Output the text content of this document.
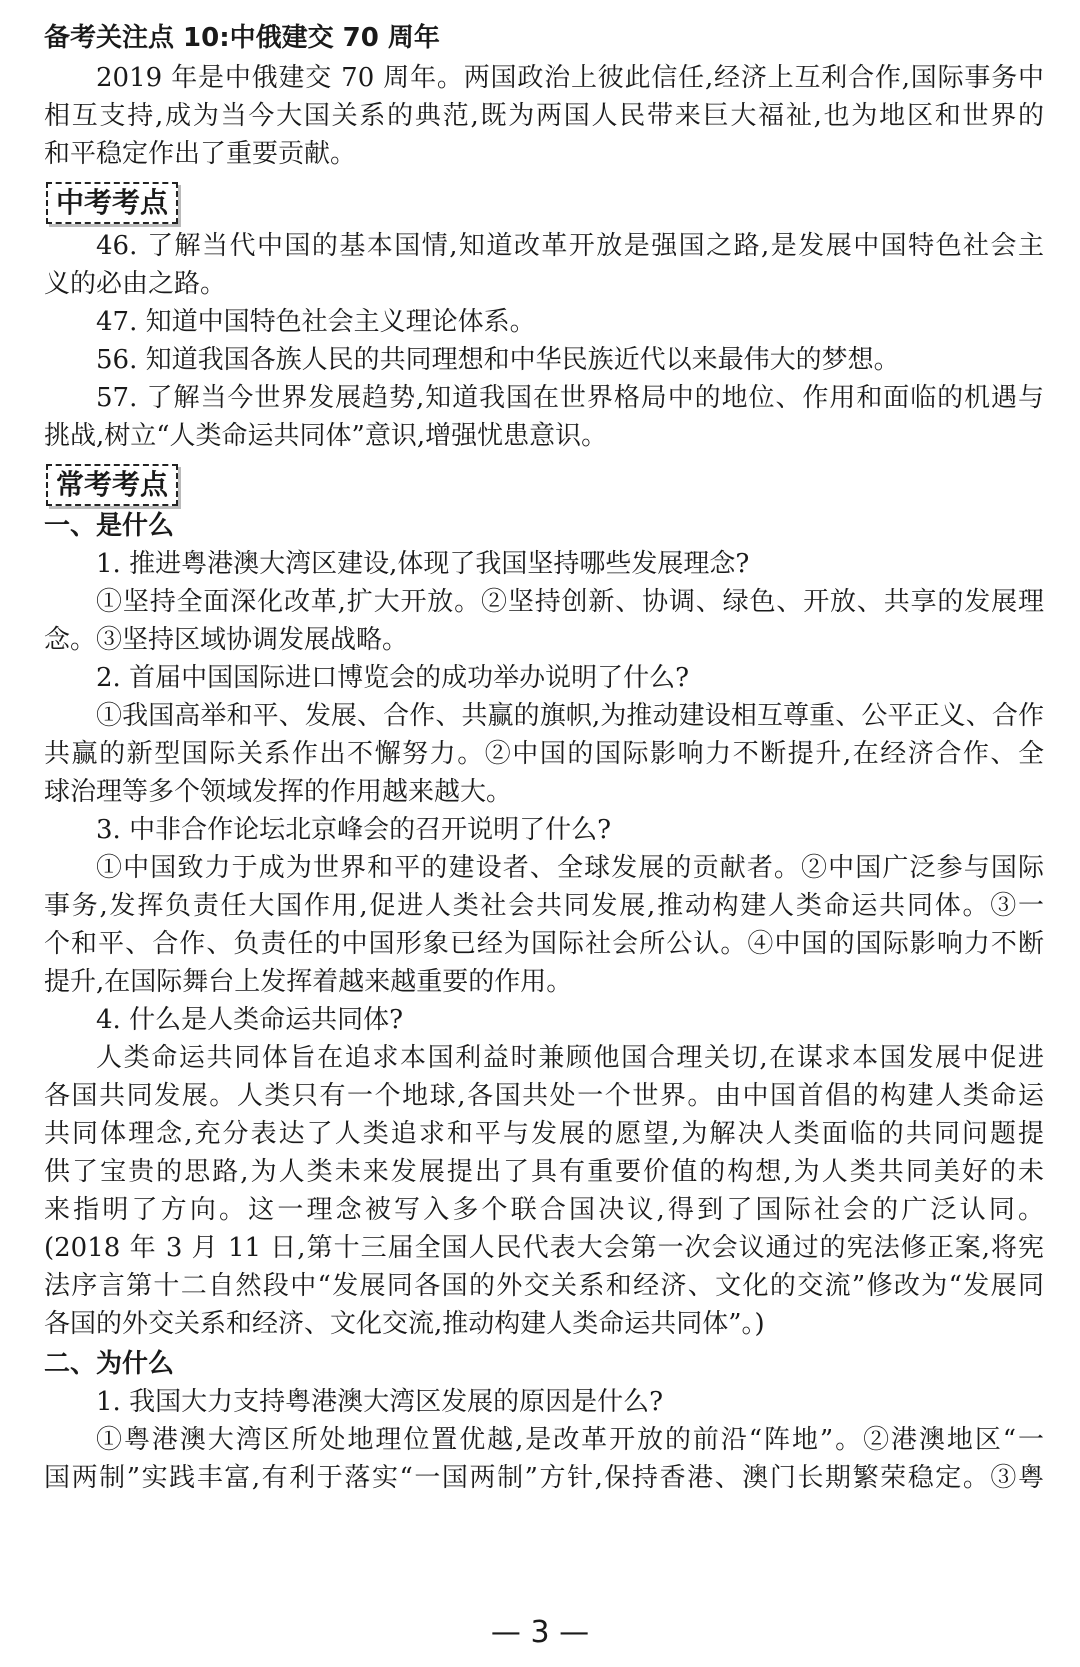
备考关注点 10:中俄建交 70 周年
2019 年是中俄建交 70 周年。两国政治上彼此信任,经济上互利合作,国际事务中
相互支持,成为当今大国关系的典范,既为两国人民带来巨大福祉,也为地区和世界的
和平稳定作出了重要贡献。
中考考点
46. 了解当代中国的基本国情,知道改革开放是强国之路,是发展中国特色社会主
义的必由之路。
47. 知道中国特色社会主义理论体系。
56. 知道我国各族人民的共同理想和中华民族近代以来最伟大的梦想。
57. 了解当今世界发展趋势,知道我国在世界格局中的地位、作用和面临的机遇与
挑战,树立“人类命运共同体”意识,增强忧患意识。
常考考点
一、是什么
1. 推进粤港澳大湾区建设,体现了我国坚持哪些发展理念?
①坚持全面深化改革,扩大开放。②坚持创新、协调、绿色、开放、共享的发展理
念。③坚持区域协调发展战略。
2. 首届中国国际进口博览会的成功举办说明了什么?
①我国高举和平、发展、合作、共赢的旗帜,为推动建设相互尊重、公平正义、合作
共赢的新型国际关系作出不懈努力。②中国的国际影响力不断提升,在经济合作、全
球治理等多个领域发挥的作用越来越大。
3. 中非合作论坛北京峰会的召开说明了什么?
①中国致力于成为世界和平的建设者、全球发展的贡献者。②中国广泛参与国际
事务,发挥负责任大国作用,促进人类社会共同发展,推动构建人类命运共同体。③一
个和平、合作、负责任的中国形象已经为国际社会所公认。④中国的国际影响力不断
提升,在国际舞台上发挥着越来越重要的作用。
4. 什么是人类命运共同体?
人类命运共同体旨在追求本国利益时兼顾他国合理关切,在谋求本国发展中促进
各国共同发展。人类只有一个地球,各国共处一个世界。由中国首倡的构建人类命运
共同体理念,充分表达了人类追求和平与发展的愿望,为解决人类面临的共同问题提
供了宝贵的思路,为人类未来发展提出了具有重要价值的构想,为人类共同美好的未
来指明了方向。这一理念被写入多个联合国决议,得到了国际社会的广泛认同。
(2018 年 3 月 11 日,第十三届全国人民代表大会第一次会议通过的宪法修正案,将宪
法序言第十二自然段中“发展同各国的外交关系和经济、文化的交流”修改为“发展同
各国的外交关系和经济、文化交流,推动构建人类命运共同体”。)
二、为什么
1. 我国大力支持粤港澳大湾区发展的原因是什么?
①粤港澳大湾区所处地理位置优越,是改革开放的前沿“阵地”。②港澳地区“一
国两制”实践丰富,有利于落实“一国两制”方针,保持香港、澳门长期繁荣稳定。③粤
— 3 —
